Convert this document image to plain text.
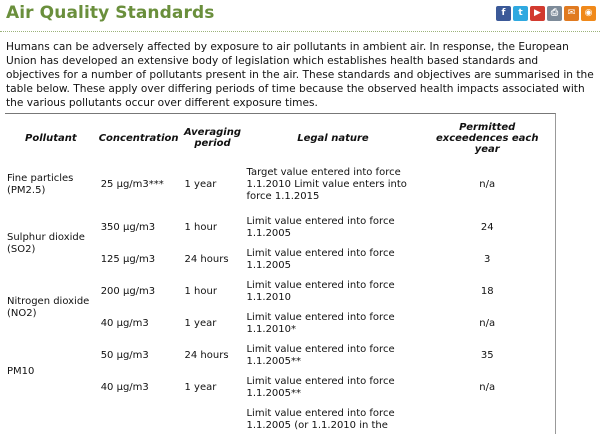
Air Quality Standards	f	t	▶	⎙	✉	◉
Humans can be adversely affected by exposure to air pollutants in ambient air. In response, the European Union has developed an extensive body of legislation which establishes health based standards and objectives for a number of pollutants present in the air. These standards and objectives are summarised in the table below. These apply over differing periods of time because the observed health impacts associated with the various pollutants occur over different exposure times.
Pollutant	Concentration	Averaging period	Legal nature	Permitted exceedences each year
Fine particles (PM2.5)	25 µg/m3***	1 year	Target value entered into force 1.1.2010 Limit value enters into force 1.1.2015	n/a
Sulphur dioxide (SO2)	350 µg/m3	1 hour	Limit value entered into force 1.1.2005	24
	125 µg/m3	24 hours	Limit value entered into force 1.1.2005	3
Nitrogen dioxide (NO2)	200 µg/m3	1 hour	Limit value entered into force 1.1.2010	18
	40 µg/m3	1 year	Limit value entered into force 1.1.2010*	n/a
PM10	50 µg/m3	24 hours	Limit value entered into force 1.1.2005**	35
	40 µg/m3	1 year	Limit value entered into force 1.1.2005**	n/a
			Limit value entered into force 1.1.2005 (or 1.1.2010 in the	
